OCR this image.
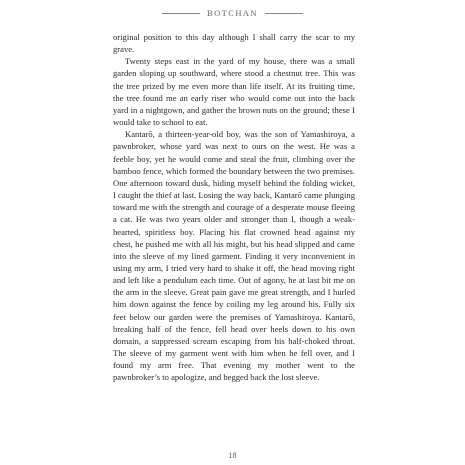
BOTCHAN

original position to this day although I shall carry the scar to my grave.

Twenty steps east in the yard of my house, there was a small garden sloping up southward, where stood a chestnut tree. This was the tree prized by me even more than life itself. At its fruiting time, the tree found me an early riser who would come out into the back yard in a nightgown, and gather the brown nuts on the ground; these I would take to school to eat.

Kantarō, a thirteen-year-old boy, was the son of Yamashiroya, a pawnbroker, whose yard was next to ours on the west. He was a feeble boy, yet he would come and steal the fruit, climbing over the bamboo fence, which formed the boundary between the two premises. One afternoon toward dusk, hiding myself behind the folding wicket, I caught the thief at last. Losing the way back, Kantarō came plunging toward me with the strength and courage of a desperate mouse fleeing a cat. He was two years older and stronger than I, though a weak-hearted, spiritless boy. Placing his flat crowned head against my chest, he pushed me with all his might, but his head slipped and came into the sleeve of my lined garment. Finding it very inconvenient in using my arm, I tried very hard to shake it off, the head moving right and left like a pendulum each time. Out of agony, he at last bit me on the arm in the sleeve. Great pain gave me great strength, and I hurled him down against the fence by coiling my leg around his. Fully six feet below our garden were the premises of Yamashiroya. Kantarō, breaking half of the fence, fell head over heels down to his own domain, a suppressed scream escaping from his half-choked throat. The sleeve of my garment went with him when he fell over, and I found my arm free. That evening my mother went to the pawnbroker’s to apologize, and begged back the lost sleeve.

18
